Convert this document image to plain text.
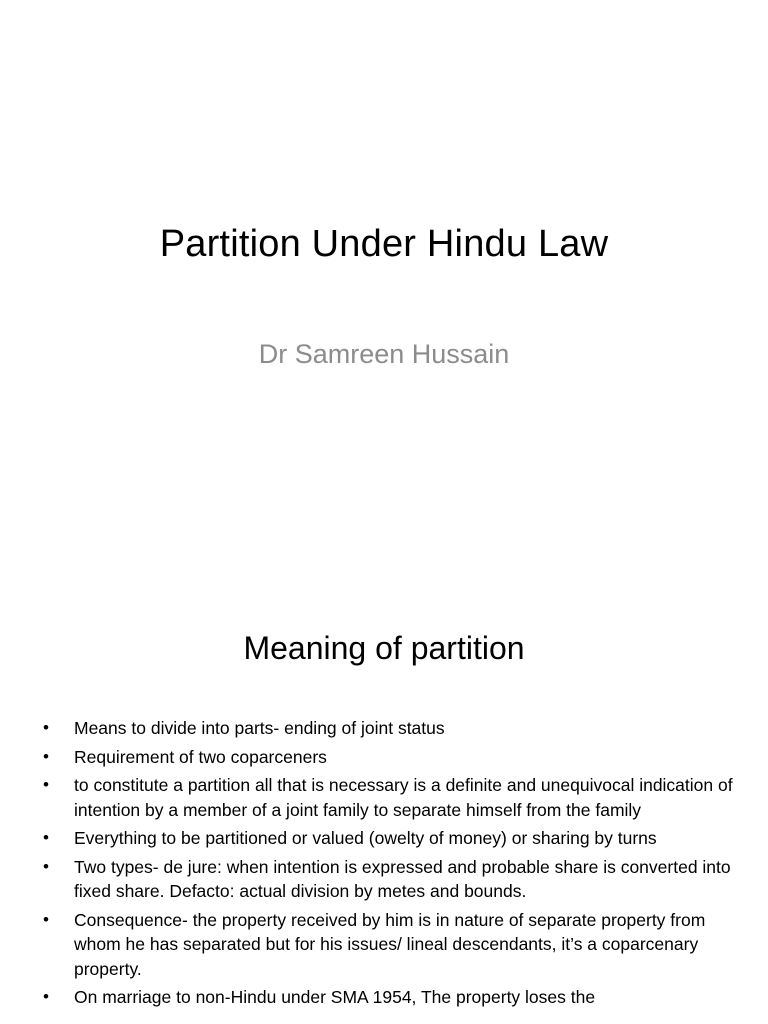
Partition Under Hindu Law
Dr Samreen Hussain
Meaning of partition
• Means to divide into parts- ending of joint status
• Requirement of two coparceners
• to constitute a partition all that is necessary is a definite and unequivocal indication of intention by a member of a joint family to separate himself from the family
• Everything to be partitioned or valued (owelty of money) or sharing by turns
• Two types- de jure: when intention is expressed and probable share is converted into fixed share. Defacto: actual division by metes and bounds.
• Consequence- the property received by him is in nature of separate property from whom he has separated but for his issues/ lineal descendants, it’s a coparcenary property.
• On marriage to non-Hindu under SMA 1954, The property loses the
